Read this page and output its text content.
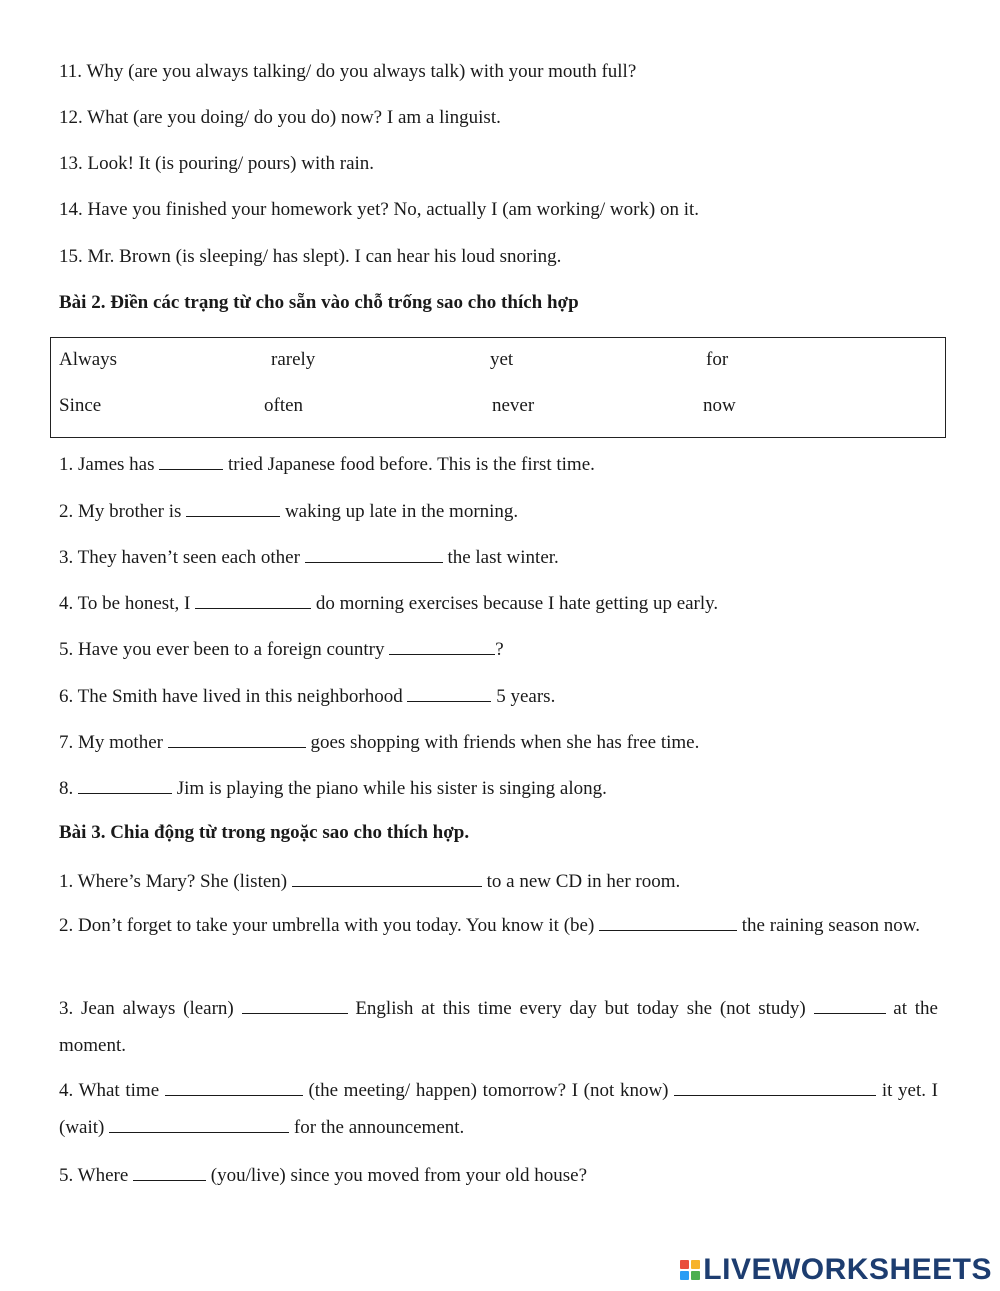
11. Why (are you always talking/ do you always talk) with your mouth full?
12. What (are you doing/ do you do) now? I am a linguist.
13. Look! It (is pouring/ pours) with rain.
14. Have you finished your homework yet? No, actually I (am working/ work) on it.
15. Mr. Brown (is sleeping/ has slept). I can hear his loud snoring.
Bài 2. Điền các trạng từ cho sẵn vào chỗ trống sao cho thích hợp
Always	rarely	yet	for
Since	often	never	now
1. James has	tried Japanese food before. This is the first time.
2. My brother is	waking up late in the morning.
3. They haven’t seen each other	the last winter.
4. To be honest, I	do morning exercises because I hate getting up early.
5. Have you ever been to a foreign country	?
6. The Smith have lived in this neighborhood	5 years.
7. My mother	goes shopping with friends when she has free time.
8.	Jim is playing the piano while his sister is singing along.
Bài 3. Chia động từ trong ngoặc sao cho thích hợp.
1. Where’s Mary? She (listen)	to a new CD in her room.
2. Don’t forget to take your umbrella with you today. You know it (be)	the raining season now.
3. Jean always (learn)	English at this time every day but today she (not study)	at the moment.
4. What time	(the meeting/ happen) tomorrow? I (not know)	it yet. I (wait)	for the announcement.
5. Where	(you/live) since you moved from your old house?
LIVEWORKSHEETS
